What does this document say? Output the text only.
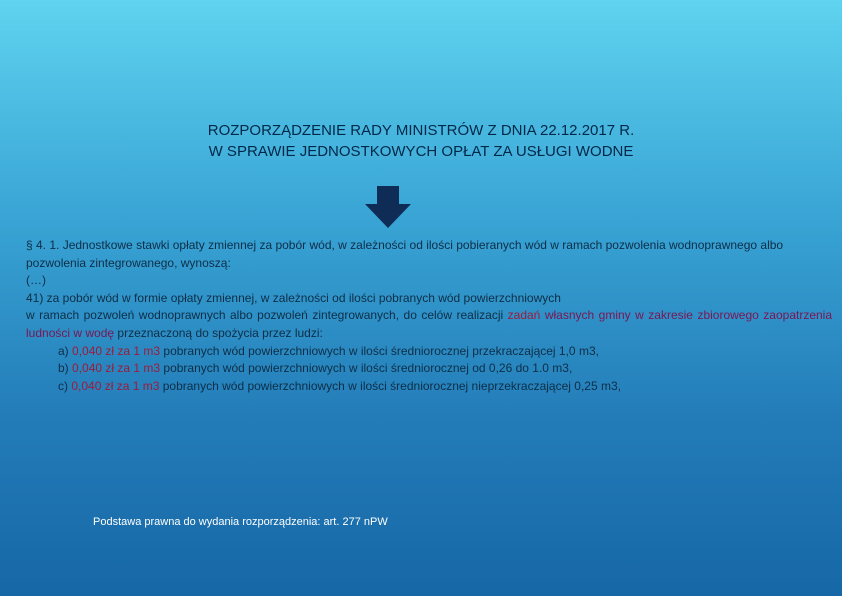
ROZPORZĄDZENIE RADY MINISTRÓW Z DNIA 22.12.2017 R.
W SPRAWIE JEDNOSTKOWYCH OPŁAT ZA USŁUGI WODNE

§ 4. 1. Jednostkowe stawki opłaty zmiennej za pobór wód, w zależności od ilości pobieranych wód w ramach pozwolenia wodnoprawnego albo pozwolenia zintegrowanego, wynoszą:

(…)

41) za pobór wód w formie opłaty zmiennej, w zależności od ilości pobranych wód powierzchniowych

w ramach pozwoleń wodnoprawnych albo pozwoleń zintegrowanych, do celów realizacji zadań własnych gminy w zakresie zbiorowego zaopatrzenia ludności w wodę przeznaczoną do spożycia przez ludzi:

a) 0,040 zł za 1 m3 pobranych wód powierzchniowych w ilości średniorocznej przekraczającej 1,0 m3,

b) 0,040 zł za 1 m3 pobranych wód powierzchniowych w ilości średniorocznej od 0,26 do 1.0 m3,

c) 0,040 zł za 1 m3 pobranych wód powierzchniowych w ilości średniorocznej nieprzekraczającej 0,25 m3,

Podstawa prawna do wydania rozporządzenia: art. 277 nPW
